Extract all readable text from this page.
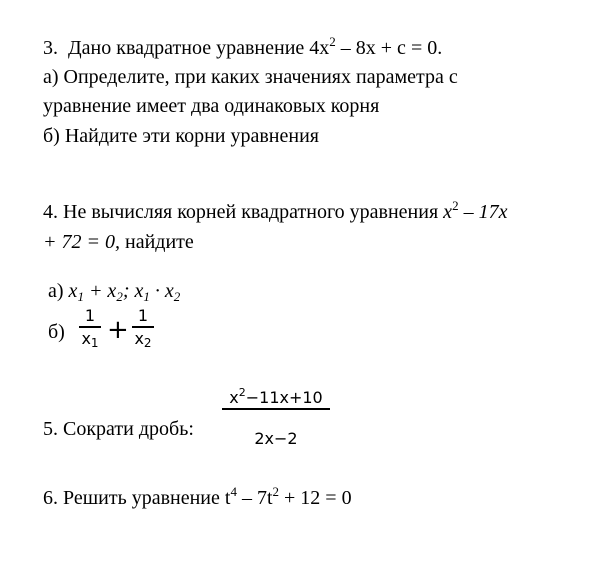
3. Дано квадратное уравнение $4x^2 - 8x + c = 0$.
а) Определите, при каких значениях параметра с
уравнение имеет два одинаковых корня
б) Найдите эти корни уравнения
4. Не вычисляя корней квадратного уравнения $x^2 - 17x$
+ 72 = 0, найдите
а) $x_1 + x_2$; $x_1 \cdot x_2$
б)
1
$x_1 + 1$
$x_2$
5. Сократи дробь:
$x^2-11x+10$
2x−2
6. Решить уравнение $t^4 - 7t^2 + 12 = 0$
